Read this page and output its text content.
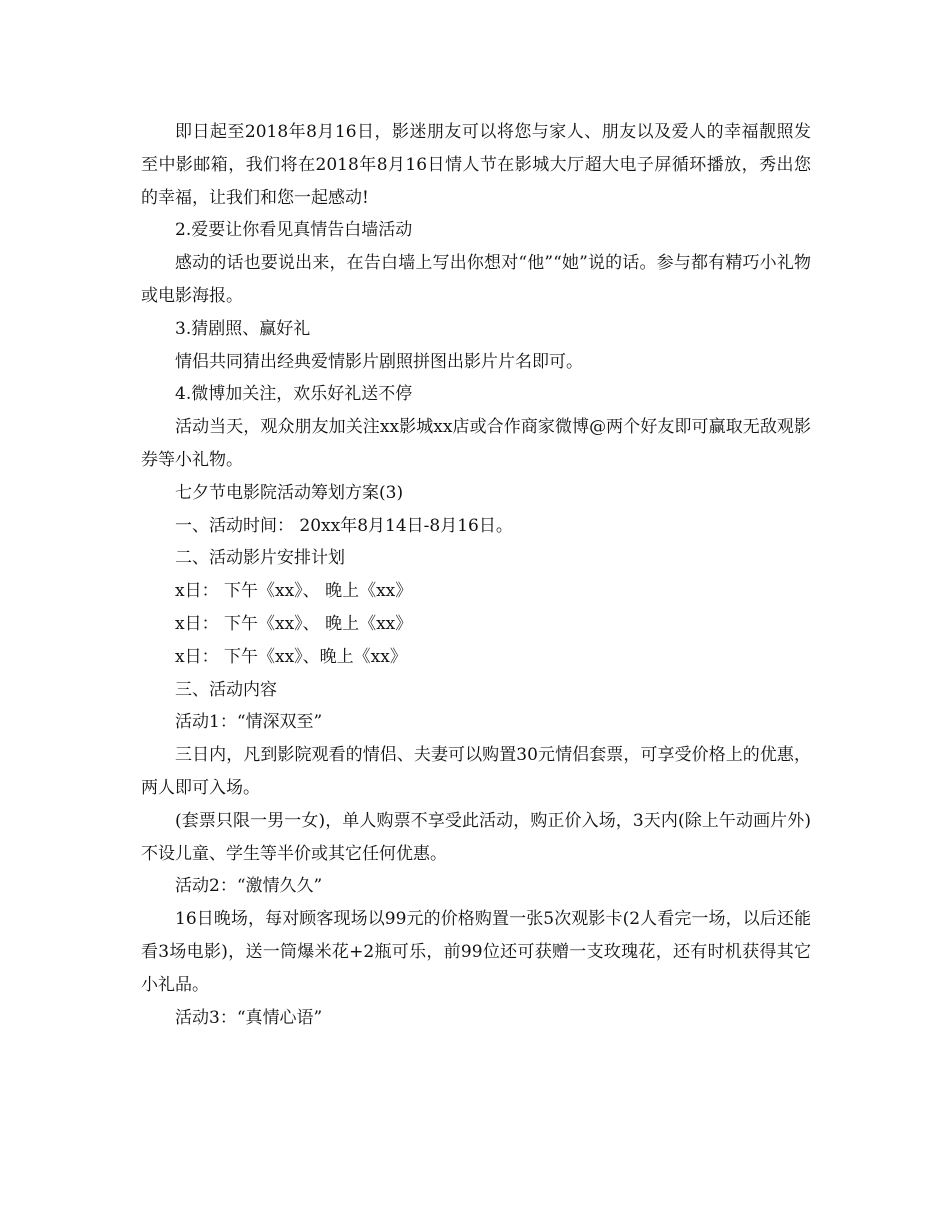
即日起至2018年8月16日，影迷朋友可以将您与家人、朋友以及爱人的幸福靓照发至中影邮箱，我们将在2018年8月16日情人节在影城大厅超大电子屏循环播放，秀出您的幸福，让我们和您一起感动!

2.爱要让你看见真情告白墙活动

感动的话也要说出来，在告白墙上写出你想对“他”“她”说的话。参与都有精巧小礼物或电影海报。

3.猜剧照、赢好礼

情侣共同猜出经典爱情影片剧照拼图出影片片名即可。

4.微博加关注，欢乐好礼送不停

活动当天，观众朋友加关注xx影城xx店或合作商家微博@两个好友即可赢取无敌观影券等小礼物。

七夕节电影院活动筹划方案(3)

一、活动时间： 20xx年8月14日-8月16日。

二、活动影片安排计划

x日： 下午《xx》、 晚上《xx》

x日： 下午《xx》、 晚上《xx》

x日： 下午《xx》、晚上《xx》

三、活动内容

活动1：“情深双至”

三日内，凡到影院观看的情侣、夫妻可以购置30元情侣套票，可享受价格上的优惠，两人即可入场。

(套票只限一男一女)，单人购票不享受此活动，购正价入场，3天内(除上午动画片外)不设儿童、学生等半价或其它任何优惠。

活动2：“激情久久”

16日晚场，每对顾客现场以99元的价格购置一张5次观影卡(2人看完一场，以后还能看3场电影)，送一筒爆米花+2瓶可乐，前99位还可获赠一支玫瑰花，还有时机获得其它小礼品。

活动3：“真情心语”
